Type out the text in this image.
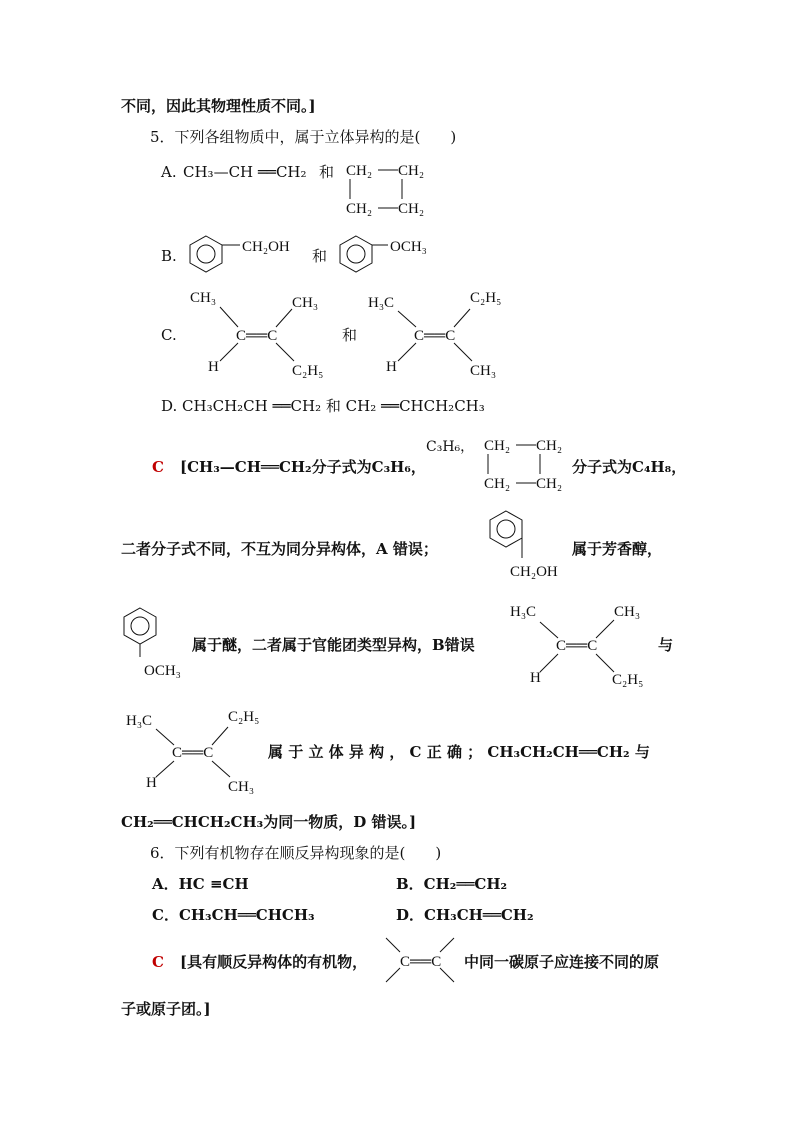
不同，因此其物理性质不同。]
5．下列各组物质中，属于立体异构的是(　　)
A. CH₃—CH ══CH₂ 和 CH₂ CH₂
CH₂ CH₂
B.	CH₂OH 和	OCH₃
C.
CH₃	CH₃
C══C
H	C₂H₅
和
H₃C	C₂H₅
C══C
H	CH₃
D. CH₃CH₂CH ══CH₂ 和 CH₂ ══CHCH₂CH₃
C [CH₃—CH══CH₂分子式为C₃H₆，
C₃H₆， CH₂ CH₂
CH₂ CH₂
分子式为C₄H₈，
二者分子式不同，不互为同分异构体，A 错误；
CH₂OH
属于芳香醇，
OCH₃
属于醚，二者属于官能团类型异构，B错误
H₃C	CH₃
C══C
H	C₂H₅
与
H₃C	C₂H₅
C══C
H	CH₃
属 于 立 体 异 构 ， C 正 确 ； CH₃CH₂CH══CH₂ 与
CH₂══CHCH₂CH₃为同一物质，D 错误。]
6．下列有机物存在顺反异构现象的是(　　)
A．HC ≡CH	B．CH₂══CH₂
C．CH₃CH══CHCH₃	D．CH₃CH══CH₂
C [具有顺反异构体的有机物， C══C 中同一碳原子应连接不同的原
子或原子团。]
